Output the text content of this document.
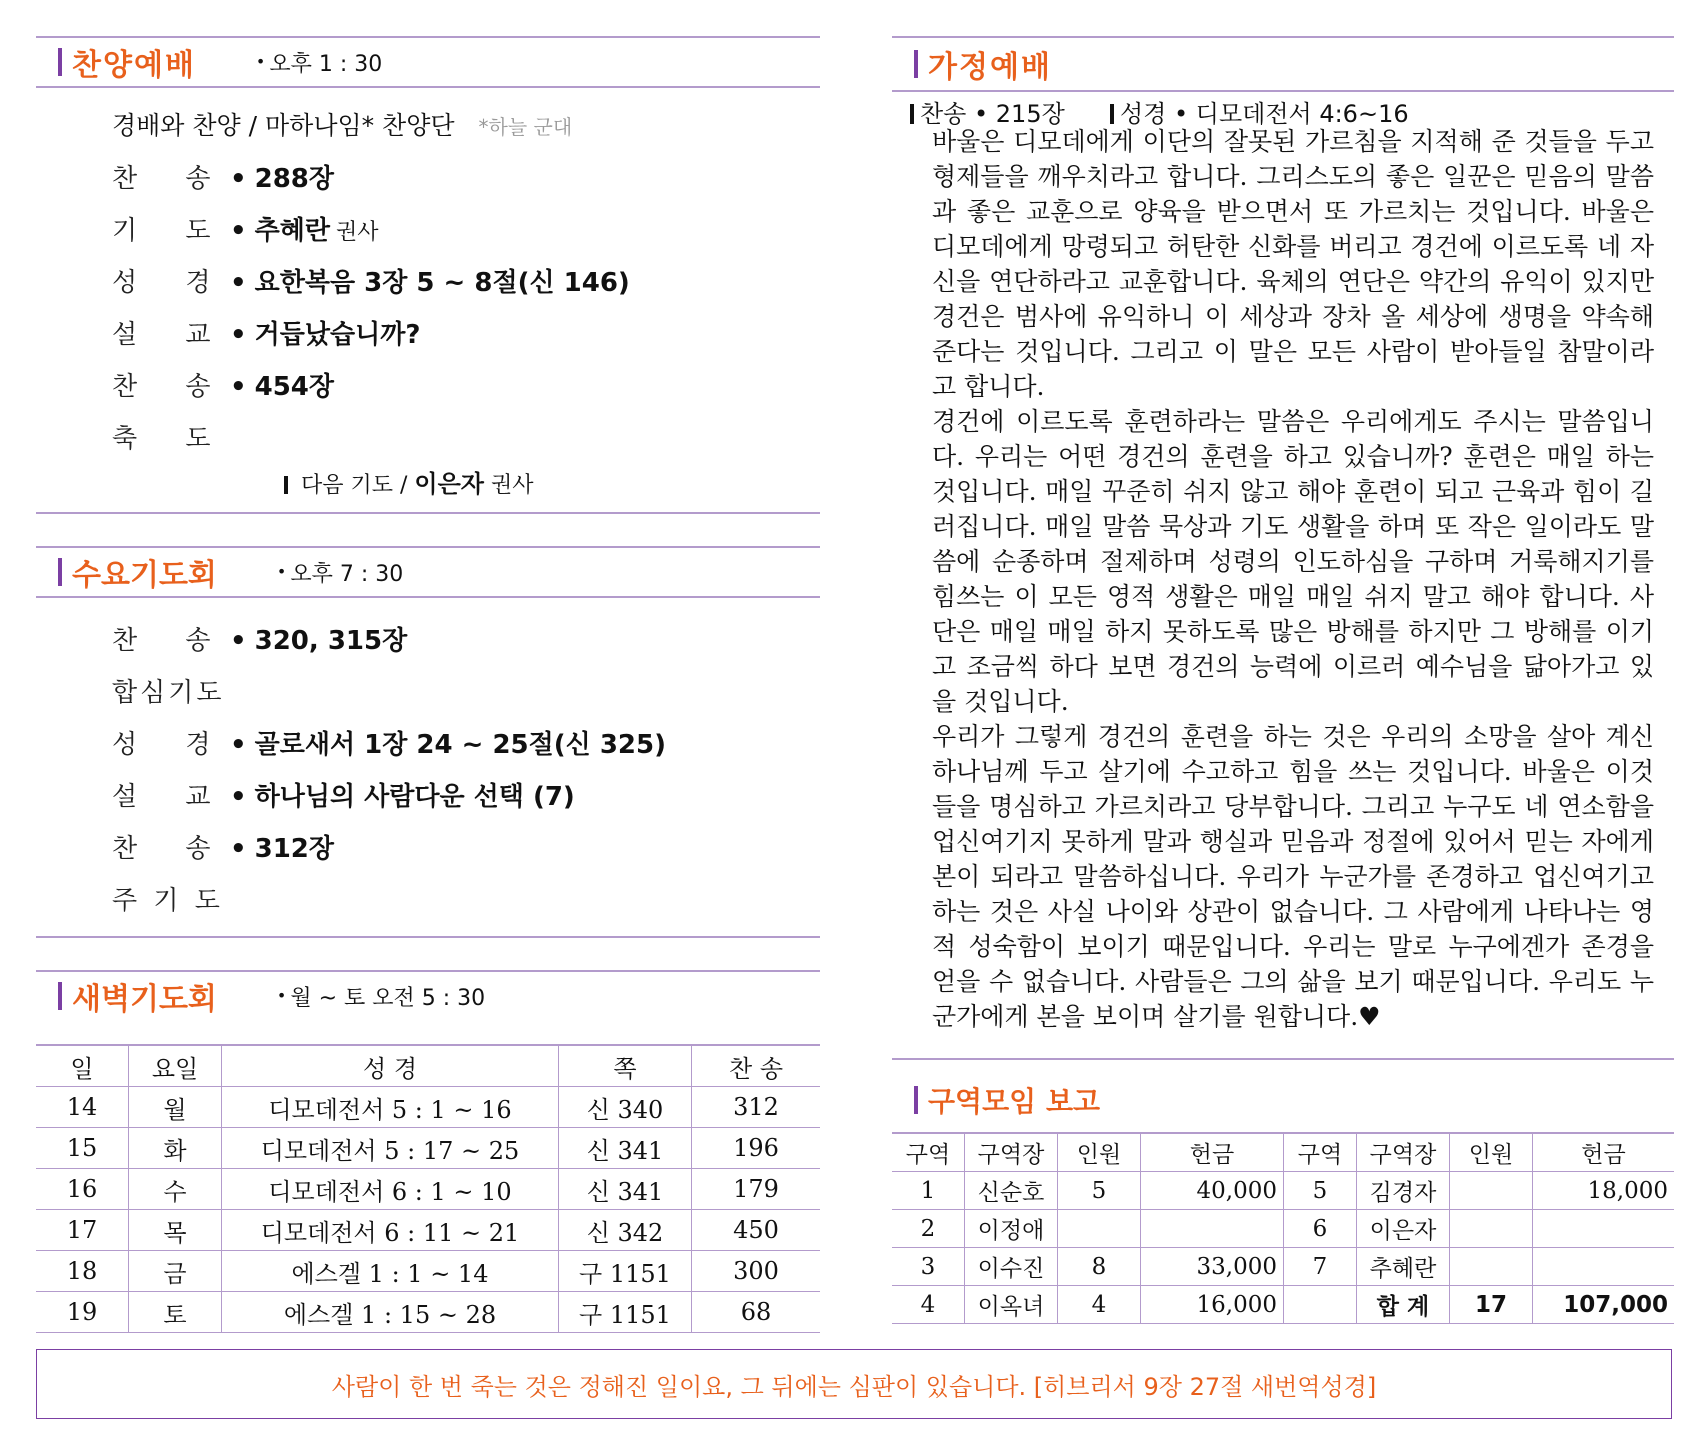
찬양예배	• 오후 1 : 30
경배와 찬양 / 마하나임* 찬양단 *하늘 군대
찬 송 • 288장
기 도 • 추혜란 권사
성 경 • 요한복음 3장 5 ~ 8절(신 146)
설 교 • 거듭났습니까?
찬 송 • 454장
축 도
다음 기도 / 이은자 권사
수요기도회	• 오후 7 : 30
찬 송 • 320, 315장
합심기도
성 경 • 골로새서 1장 24 ~ 25절(신 325)
설 교 • 하나님의 사람다운 선택 (7)
찬 송 • 312장
주 기 도
새벽기도회	• 월 ~ 토 오전 5 : 30
일	요일	성 경	쪽	찬 송
14	월	디모데전서 5 : 1 ~ 16	신 340	312
15	화	디모데전서 5 : 17 ~ 25	신 341	196
16	수	디모데전서 6 : 1 ~ 10	신 341	179
17	목	디모데전서 6 : 11 ~ 21	신 342	450
18	금	에스겔 1 : 1 ~ 14	구 1151	300
19	토	에스겔 1 : 15 ~ 28	구 1151	68
가정예배
찬송 • 215장	성경 • 디모데전서 4:6~16

바울은 디모데에게 이단의 잘못된 가르침을 지적해 준 것들을 두고 형제들을 깨우치라고 합니다. 그리스도의 좋은 일꾼은 믿음의 말씀과 좋은 교훈으로 양육을 받으면서 또 가르치는 것입니다. 바울은 디모데에게 망령되고 허탄한 신화를 버리고 경건에 이르도록 네 자신을 연단하라고 교훈합니다. 육체의 연단은 약간의 유익이 있지만 경건은 범사에 유익하니 이 세상과 장차 올 세상에 생명을 약속해 준다는 것입니다. 그리고 이 말은 모든 사람이 받아들일 참말이라고 합니다.

경건에 이르도록 훈련하라는 말씀은 우리에게도 주시는 말씀입니다. 우리는 어떤 경건의 훈련을 하고 있습니까? 훈련은 매일 하는 것입니다. 매일 꾸준히 쉬지 않고 해야 훈련이 되고 근육과 힘이 길러집니다. 매일 말씀 묵상과 기도 생활을 하며 또 작은 일이라도 말씀에 순종하며 절제하며 성령의 인도하심을 구하며 거룩해지기를 힘쓰는 이 모든 영적 생활은 매일 매일 쉬지 말고 해야 합니다. 사단은 매일 매일 하지 못하도록 많은 방해를 하지만 그 방해를 이기고 조금씩 하다 보면 경건의 능력에 이르러 예수님을 닮아가고 있을 것입니다.

우리가 그렇게 경건의 훈련을 하는 것은 우리의 소망을 살아 계신 하나님께 두고 살기에 수고하고 힘을 쓰는 것입니다. 바울은 이것들을 명심하고 가르치라고 당부합니다. 그리고 누구도 네 연소함을 업신여기지 못하게 말과 행실과 믿음과 정절에 있어서 믿는 자에게 본이 되라고 말씀하십니다. 우리가 누군가를 존경하고 업신여기고 하는 것은 사실 나이와 상관이 없습니다. 그 사람에게 나타나는 영적 성숙함이 보이기 때문입니다. 우리는 말로 누구에겐가 존경을 얻을 수 없습니다. 사람들은 그의 삶을 보기 때문입니다. 우리도 누군가에게 본을 보이며 살기를 원합니다.♥

구역모임 보고
구역	구역장	인원	헌금	구역	구역장	인원	헌금
1	신순호	5	40,000	5	김경자		18,000
2	이정애			6	이은자		
3	이수진	8	33,000	7	추혜란		
4	이옥녀	4	16,000		합 계	17	107,000
사람이 한 번 죽는 것은 정해진 일이요, 그 뒤에는 심판이 있습니다. [히브리서 9장 27절 새번역성경]
